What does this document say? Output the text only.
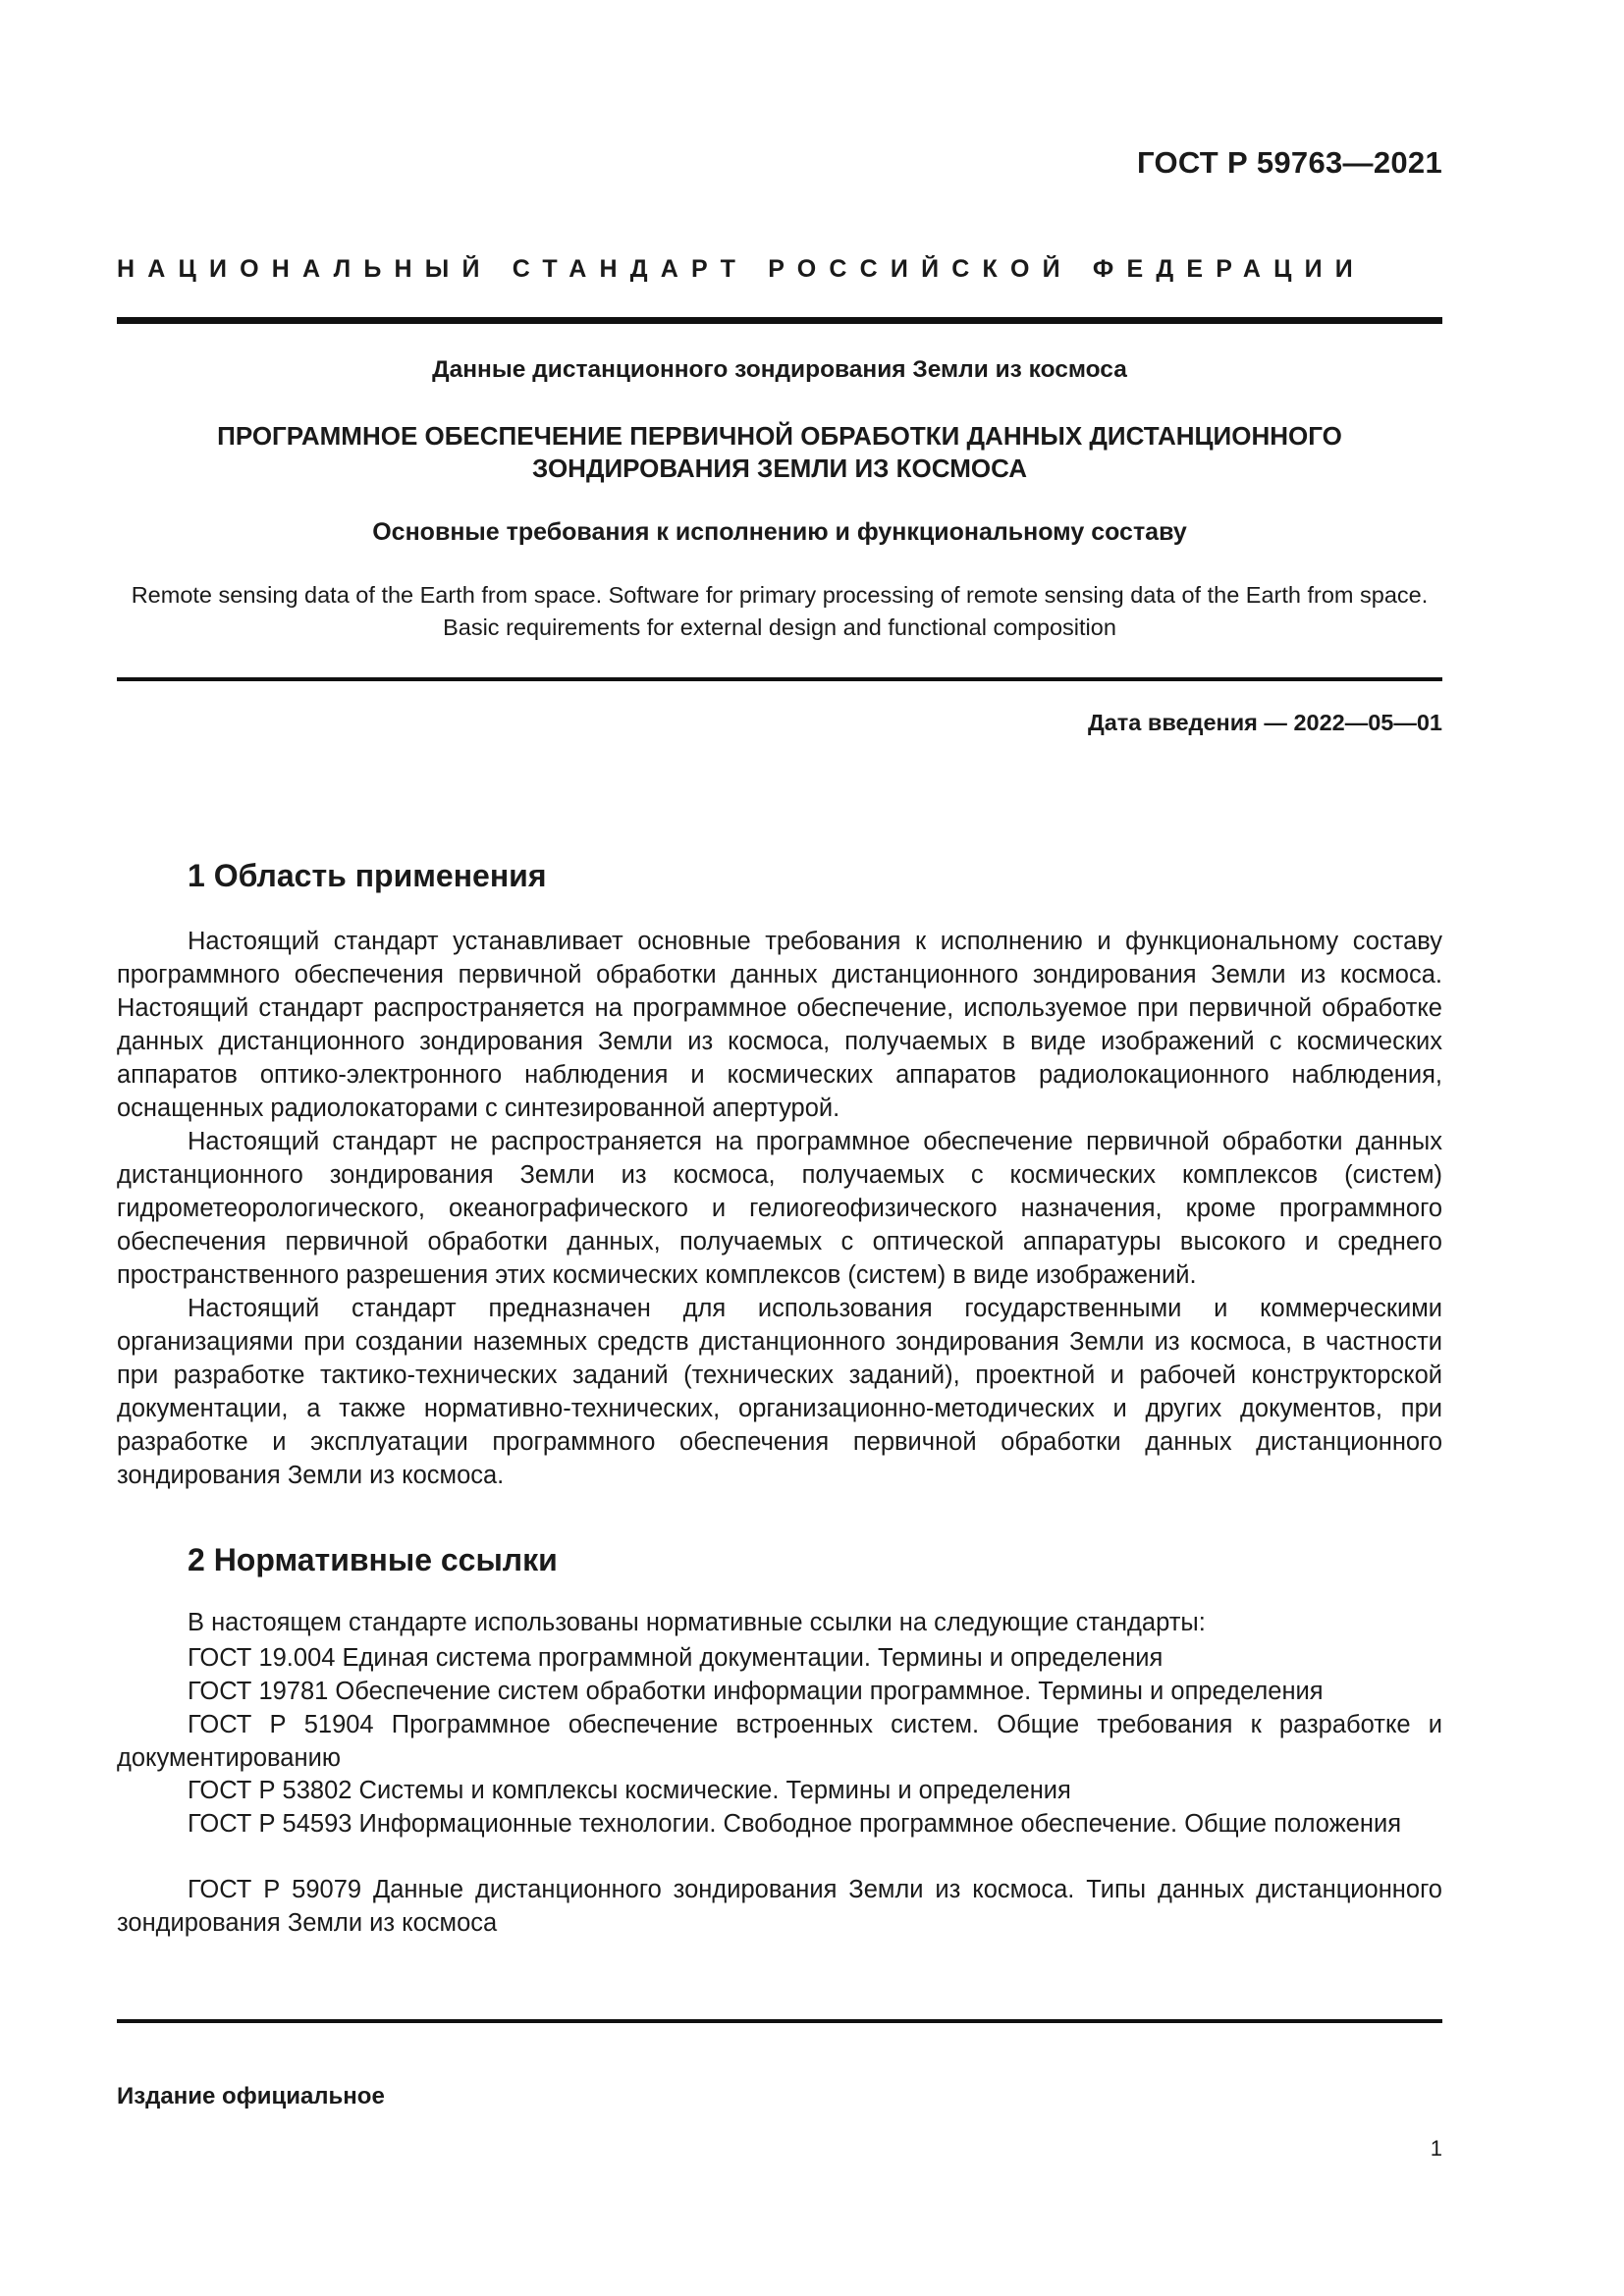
ГОСТ Р 59763—2021
НАЦИОНАЛЬНЫЙ СТАНДАРТ РОССИЙСКОЙ ФЕДЕРАЦИИ
Данные дистанционного зондирования Земли из космоса
ПРОГРАММНОЕ ОБЕСПЕЧЕНИЕ ПЕРВИЧНОЙ ОБРАБОТКИ ДАННЫХ ДИСТАНЦИОННОГО ЗОНДИРОВАНИЯ ЗЕМЛИ ИЗ КОСМОСА
Основные требования к исполнению и функциональному составу
Remote sensing data of the Earth from space. Software for primary processing of remote sensing data of the Earth from space. Basic requirements for external design and functional composition
Дата введения — 2022—05—01
1 Область применения

Настоящий стандарт устанавливает основные требования к исполнению и функциональному составу программного обеспечения первичной обработки данных дистанционного зондирования Земли из космоса. Настоящий стандарт распространяется на программное обеспечение, используемое при первичной обработке данных дистанционного зондирования Земли из космоса, получаемых в виде изображений с космических аппаратов оптико-электронного наблюдения и космических аппаратов радиолокационного наблюдения, оснащенных радиолокаторами с синтезированной апертурой.

Настоящий стандарт не распространяется на программное обеспечение первичной обработки данных дистанционного зондирования Земли из космоса, получаемых с космических комплексов (систем) гидрометеорологического, океанографического и гелиогеофизического назначения, кроме программного обеспечения первичной обработки данных, получаемых с оптической аппаратуры высокого и среднего пространственного разрешения этих космических комплексов (систем) в виде изображений.

Настоящий стандарт предназначен для использования государственными и коммерческими организациями при создании наземных средств дистанционного зондирования Земли из космоса, в частности при разработке тактико-технических заданий (технических заданий), проектной и рабочей конструкторской документации, а также нормативно-технических, организационно-методических и других документов, при разработке и эксплуатации программного обеспечения первичной обработки данных дистанционного зондирования Земли из космоса.

2 Нормативные ссылки
В настоящем стандарте использованы нормативные ссылки на следующие стандарты:

ГОСТ 19.004 Единая система программной документации. Термины и определения

ГОСТ 19781 Обеспечение систем обработки информации программное. Термины и определения

ГОСТ Р 51904 Программное обеспечение встроенных систем. Общие требования к разработке и документированию

ГОСТ Р 53802 Системы и комплексы космические. Термины и определения

ГОСТ Р 54593 Информационные технологии. Свободное программное обеспечение. Общие положения

ГОСТ Р 59079 Данные дистанционного зондирования Земли из космоса. Типы данных дистанционного зондирования Земли из космоса

Издание официальное
1
